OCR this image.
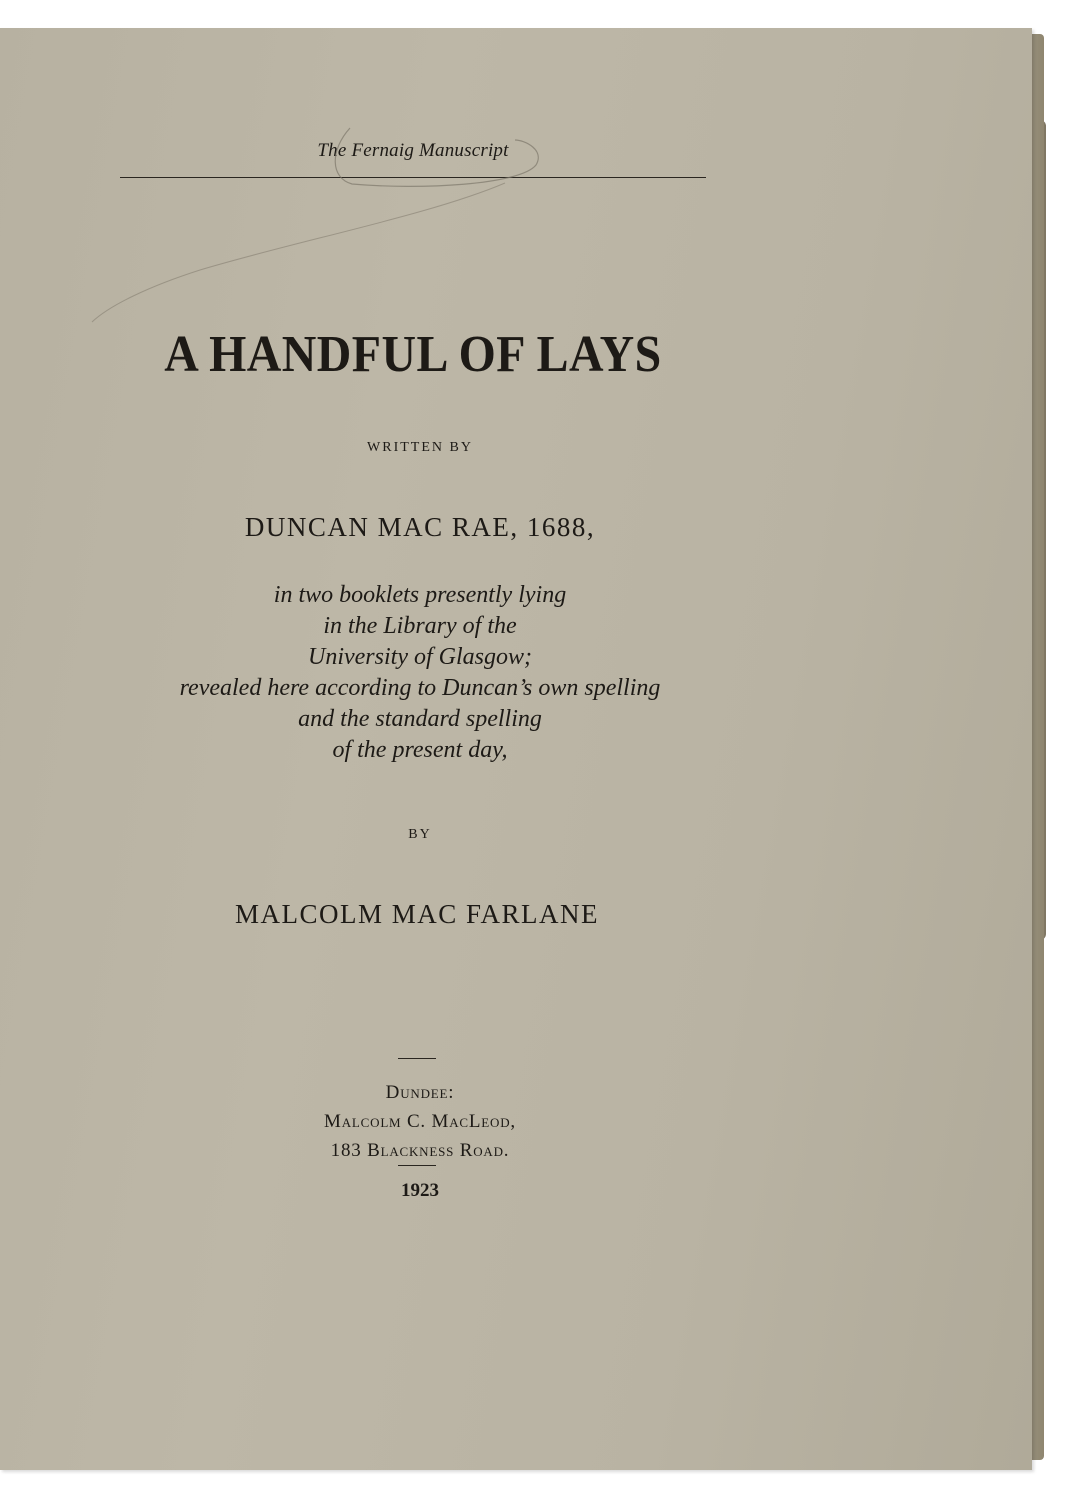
The Fernaig Manuscript
A HANDFUL OF LAYS
WRITTEN BY
DUNCAN MAC RAE, 1688,
in two booklets presently lying
in the Library of the
University of Glasgow;
revealed here according to Duncan’s own spelling
and the standard spelling
of the present day,
BY
MALCOLM MAC FARLANE
Dundee:
Malcolm C. MacLeod,
183 Blackness Road.
1923
